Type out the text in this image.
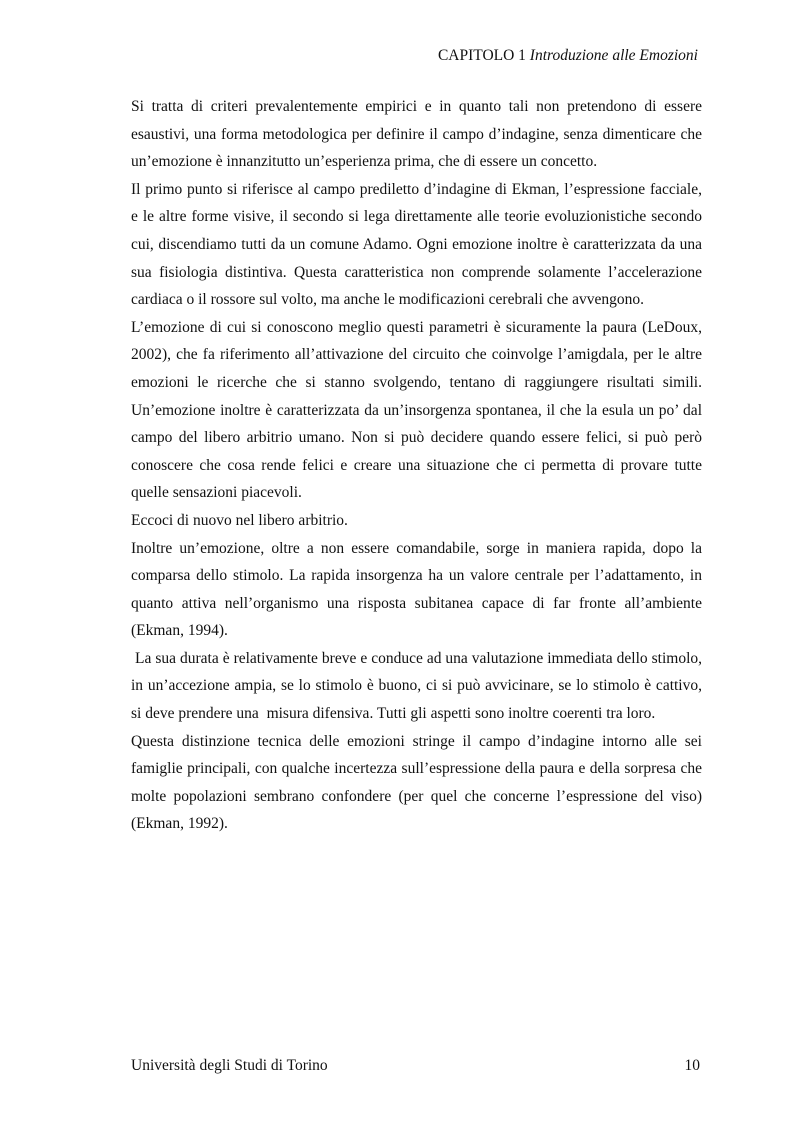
CAPITOLO 1 Introduzione alle Emozioni

Si tratta di criteri prevalentemente empirici e in quanto tali non pretendono di essere esaustivi, una forma metodologica per definire il campo d’indagine, senza dimenticare che un’emozione è innanzitutto un’esperienza prima, che di essere un concetto.

Il primo punto si riferisce al campo prediletto d’indagine di Ekman, l’espressione facciale, e le altre forme visive, il secondo si lega direttamente alle teorie evoluzionistiche secondo cui, discendiamo tutti da un comune Adamo. Ogni emozione inoltre è caratterizzata da una sua fisiologia distintiva. Questa caratteristica non comprende solamente l’accelerazione cardiaca o il rossore sul volto, ma anche le modificazioni cerebrali che avvengono.

L’emozione di cui si conoscono meglio questi parametri è sicuramente la paura (LeDoux, 2002), che fa riferimento all’attivazione del circuito che coinvolge l’amigdala, per le altre emozioni le ricerche che si stanno svolgendo, tentano di raggiungere risultati simili. Un’emozione inoltre è caratterizzata da un’insorgenza spontanea, il che la esula un po’ dal campo del libero arbitrio umano. Non si può decidere quando essere felici, si può però conoscere che cosa rende felici e creare una situazione che ci permetta di provare tutte quelle sensazioni piacevoli.

Eccoci di nuovo nel libero arbitrio.

Inoltre un’emozione, oltre a non essere comandabile, sorge in maniera rapida, dopo la comparsa dello stimolo. La rapida insorgenza ha un valore centrale per l’adattamento, in quanto attiva nell’organismo una risposta subitanea capace di far fronte all’ambiente (Ekman, 1994).

La sua durata è relativamente breve e conduce ad una valutazione immediata dello stimolo, in un’accezione ampia, se lo stimolo è buono, ci si può avvicinare, se lo stimolo è cattivo,  si deve prendere una  misura difensiva. Tutti gli aspetti sono inoltre coerenti tra loro.

Questa distinzione tecnica delle emozioni stringe il campo d’indagine intorno alle sei famiglie principali, con qualche incertezza sull’espressione della paura e della sorpresa che molte popolazioni sembrano confondere (per quel che concerne l’espressione del viso) (Ekman, 1992).

Università degli Studi di Torino	10
